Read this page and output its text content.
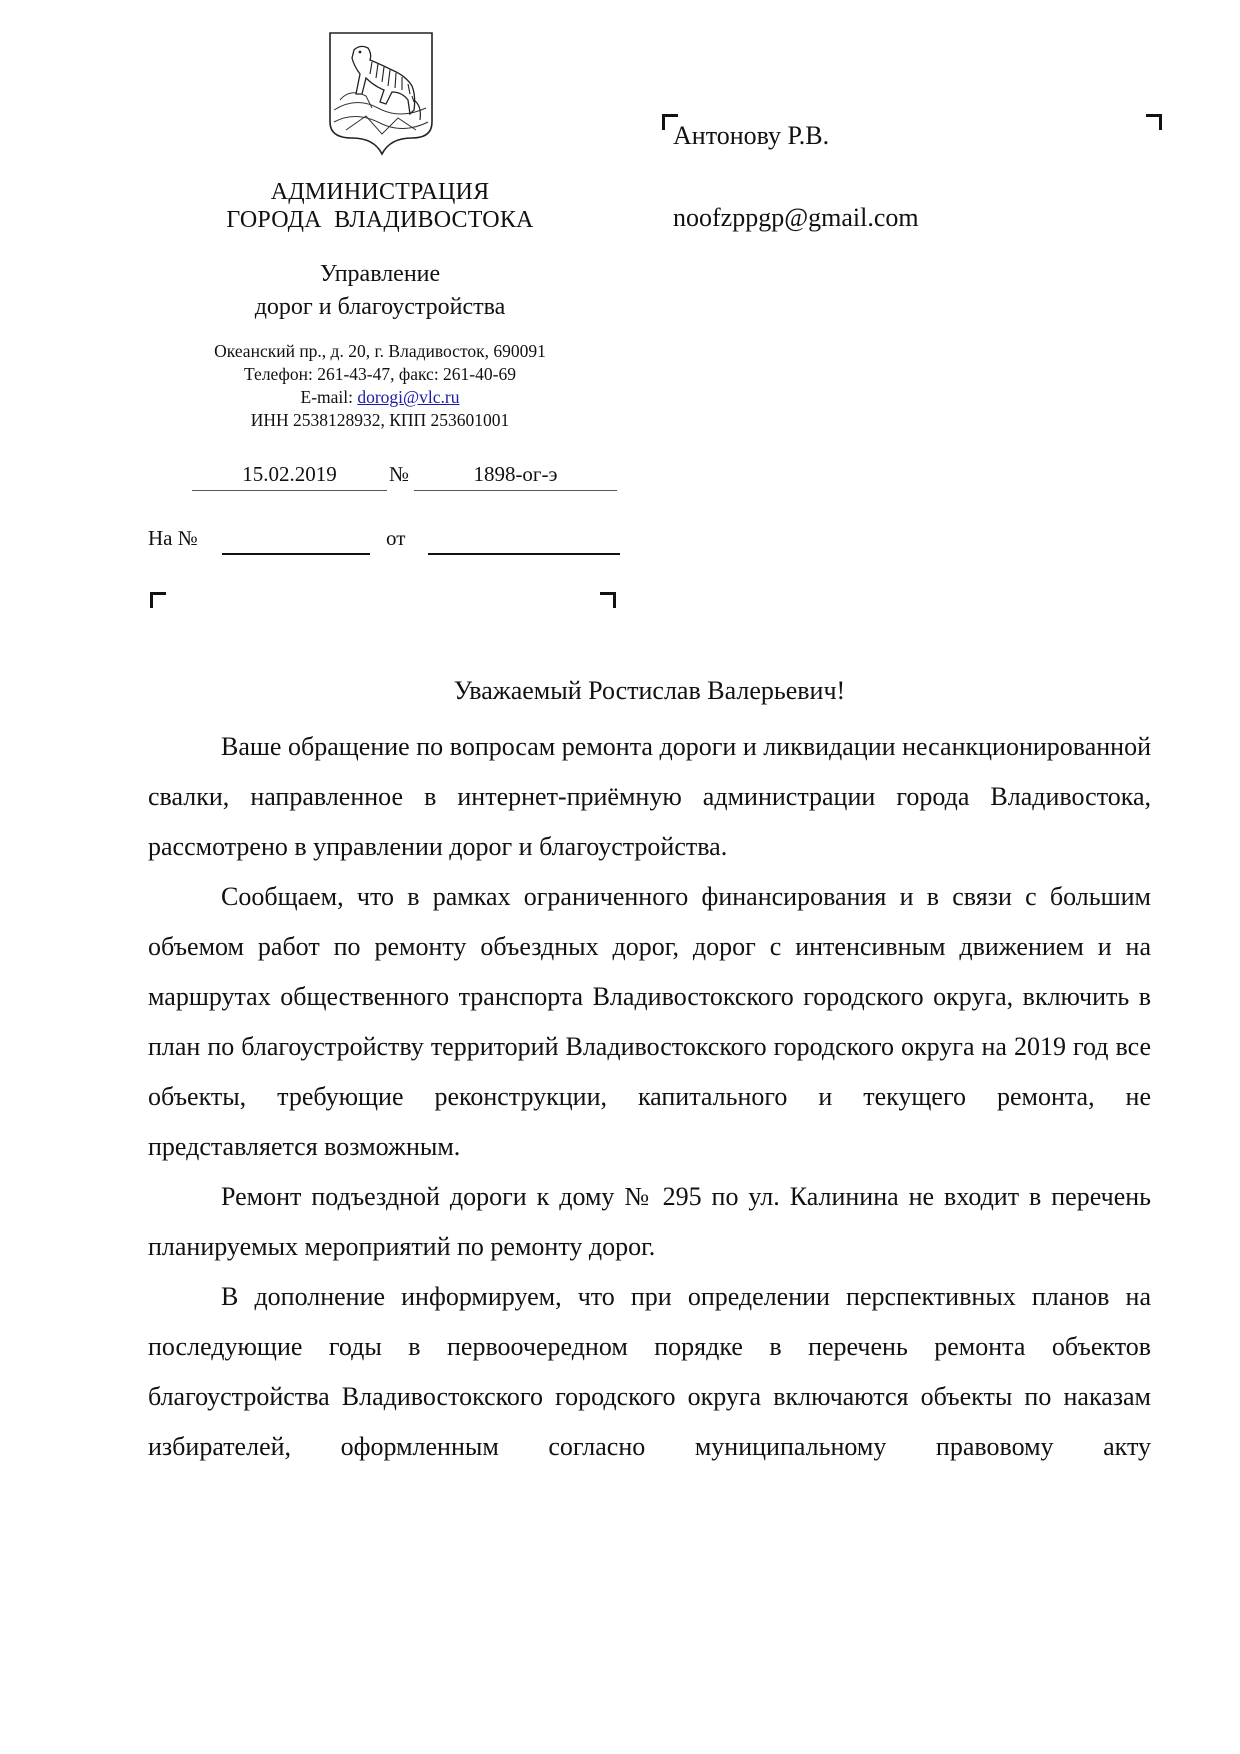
АДМИНИСТРАЦИЯ
ГОРОДА  ВЛАДИВОСТОКА
Управление
дорог и благоустройства
Океанский пр., д. 20, г. Владивосток, 690091
Телефон: 261-43-47, факс: 261-40-69
E-mail: dorogi@vlc.ru
ИНН 2538128932, КПП 253601001
15.02.2019	№	1898-ог-э
На №	от
Антонову Р.В.
noofzppgp@gmail.com
Уважаемый Ростислав Валерьевич!

Ваше обращение по вопросам ремонта дороги и ликвидации несанкционированной свалки, направленное в интернет-приёмную администрации города Владивостока, рассмотрено в управлении дорог и благоустройства.

Сообщаем, что в рамках ограниченного финансирования и в связи с большим объемом работ по ремонту объездных дорог, дорог с интенсивным движением и на маршрутах общественного транспорта Владивостокского городского округа, включить в план по благоустройству территорий Владивостокского городского округа на 2019 год все объекты, требующие реконструкции, капитального и текущего ремонта, не представляется возможным.

Ремонт подъездной дороги к дому № 295 по ул. Калинина не входит в перечень планируемых мероприятий по ремонту дорог.

В дополнение информируем, что при определении перспективных планов на последующие годы в первоочередном порядке в перечень ремонта объектов благоустройства Владивостокского городского округа включаются объекты по наказам избирателей, оформленным согласно муниципальному правовому акту
